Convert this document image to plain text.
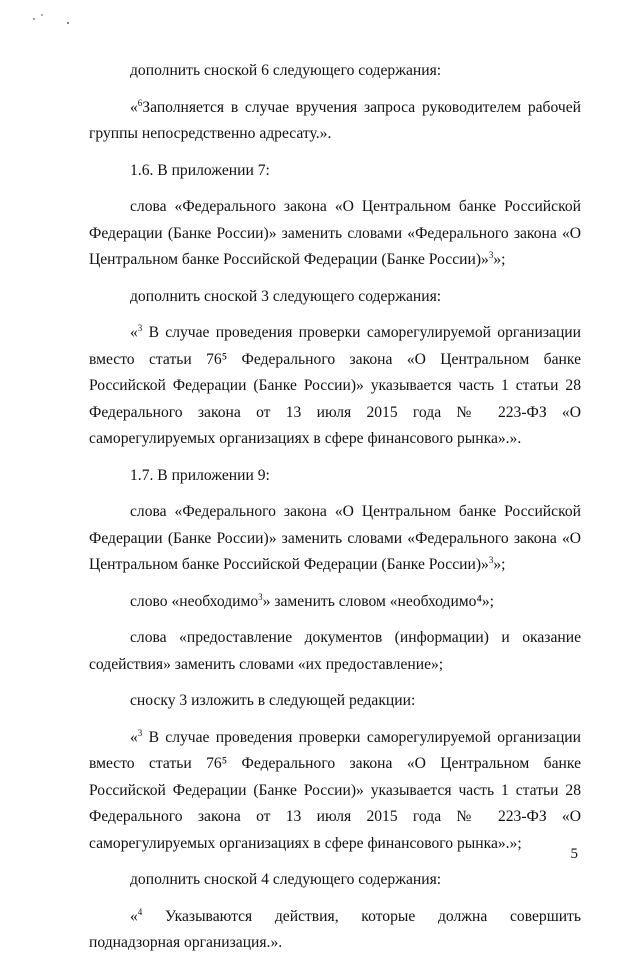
дополнить сноской 6 следующего содержания:

«$^6$Заполняется в случае вручения запроса руководителем рабочей группы непосредственно адресату.».

1.6. В приложении 7:

слова «Федерального закона «О Центральном банке Российской Федерации (Банке России)» заменить словами «Федерального закона «О Центральном банке Российской Федерации (Банке России)»$^3$»;

дополнить сноской 3 следующего содержания:

«$^3$ В случае проведения проверки саморегулируемой организации вместо статьи 76⁵ Федерального закона «О Центральном банке Российской Федерации (Банке России)» указывается часть 1 статьи 28 Федерального закона от 13 июля 2015 года № 223-ФЗ «О саморегулируемых организациях в сфере финансового рынка».».

1.7. В приложении 9:

слова «Федерального закона «О Центральном банке Российской Федерации (Банке России)» заменить словами «Федерального закона «О Центральном банке Российской Федерации (Банке России)»$^3$»;

слово «необходимо$^3$» заменить словом «необходимо⁴»;

слова «предоставление документов (информации) и оказание содействия» заменить словами «их предоставление»;

сноску 3 изложить в следующей редакции:

«$^3$ В случае проведения проверки саморегулируемой организации вместо статьи 76⁵ Федерального закона «О Центральном банке Российской Федерации (Банке России)» указывается часть 1 статьи 28 Федерального закона от 13 июля 2015 года № 223-ФЗ «О саморегулируемых организациях в сфере финансового рынка».»;

дополнить сноской 4 следующего содержания:

«$^4$ Указываются действия, которые должна совершить поднадзорная организация.».

5
